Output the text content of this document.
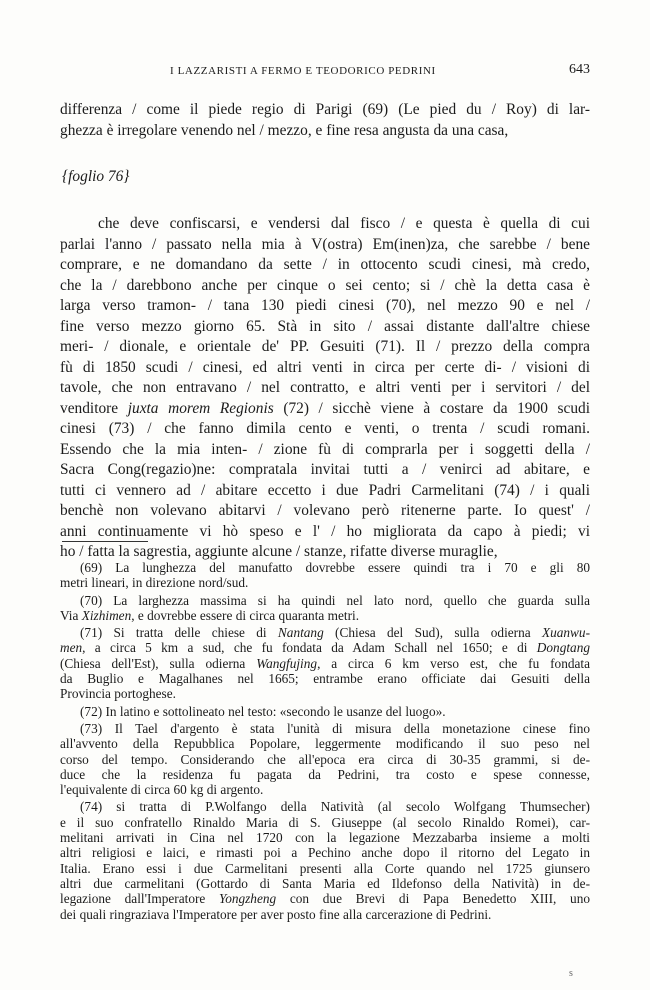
I LAZZARISTI A FERMO E TEODORICO PEDRINI	643
differenza / come il piede regio di Parigi (69) (Le pied du / Roy) di lar-
ghezza è irregolare venendo nel / mezzo, e fine resa angusta da una casa,
{foglio 76}
che deve confiscarsi, e vendersi dal fisco / e questa è quella di cui
parlai l'anno / passato nella mia à V(ostra) Em(inen)za, che sarebbe / bene
comprare, e ne domandano da sette / in ottocento scudi cinesi, mà credo,
che la / darebbono anche per cinque o sei cento; si / chè la detta casa è
larga verso tramon- / tana 130 piedi cinesi (70), nel mezzo 90 e nel /
fine verso mezzo giorno 65. Stà in sito / assai distante dall'altre chiese
meri- / dionale, e orientale de' PP. Gesuiti (71). Il / prezzo della compra
fù di 1850 scudi / cinesi, ed altri venti in circa per certe di- / visioni di
tavole, che non entravano / nel contratto, e altri venti per i servitori / del
venditore juxta morem Regionis (72) / sicchè viene à costare da 1900 scudi
cinesi (73) / che fanno dimila cento e venti, o trenta / scudi romani.
Essendo che la mia inten- / zione fù di comprarla per i soggetti della /
Sacra Cong(regazio)ne: compratala invitai tutti a / venirci ad abitare, e
tutti ci vennero ad / abitare eccetto i due Padri Carmelitani (74) / i quali
benchè non volevano abitarvi / volevano però ritenerne parte. Io quest' /
anni continuamente vi hò speso e l' / ho migliorata da capo à piedi; vi
ho / fatta la sagrestia, aggiunte alcune / stanze, rifatte diverse muraglie,
(69) La lunghezza del manufatto dovrebbe essere quindi tra i 70 e gli 80
metri lineari, in direzione nord/sud.
(70) La larghezza massima si ha quindi nel lato nord, quello che guarda sulla
Via Xizhimen, e dovrebbe essere di circa quaranta metri.
(71) Si tratta delle chiese di Nantang (Chiesa del Sud), sulla odierna Xuanwu-
men, a circa 5 km a sud, che fu fondata da Adam Schall nel 1650; e di Dongtang
(Chiesa dell'Est), sulla odierna Wangfujing, a circa 6 km verso est, che fu fondata
da Buglio e Magalhanes nel 1665; entrambe erano officiate dai Gesuiti della
Provincia portoghese.
(72) In latino e sottolineato nel testo: «secondo le usanze del luogo».
(73) Il Tael d'argento è stata l'unità di misura della monetazione cinese fino
all'avvento della Repubblica Popolare, leggermente modificando il suo peso nel
corso del tempo. Considerando che all'epoca era circa di 30-35 grammi, si de-
duce che la residenza fu pagata da Pedrini, tra costo e spese connesse,
l'equivalente di circa 60 kg di argento.
(74) si tratta di P.Wolfango della Natività (al secolo Wolfgang Thumsecher)
e il suo confratello Rinaldo Maria di S. Giuseppe (al secolo Rinaldo Romei), car-
melitani arrivati in Cina nel 1720 con la legazione Mezzabarba insieme a molti
altri religiosi e laici, e rimasti poi a Pechino anche dopo il ritorno del Legato in
Italia. Erano essi i due Carmelitani presenti alla Corte quando nel 1725 giunsero
altri due carmelitani (Gottardo di Santa Maria ed Ildefonso della Natività) in de-
legazione dall'Imperatore Yongzheng con due Brevi di Papa Benedetto XIII, uno
dei quali ringraziava l'Imperatore per aver posto fine alla carcerazione di Pedrini.
s
